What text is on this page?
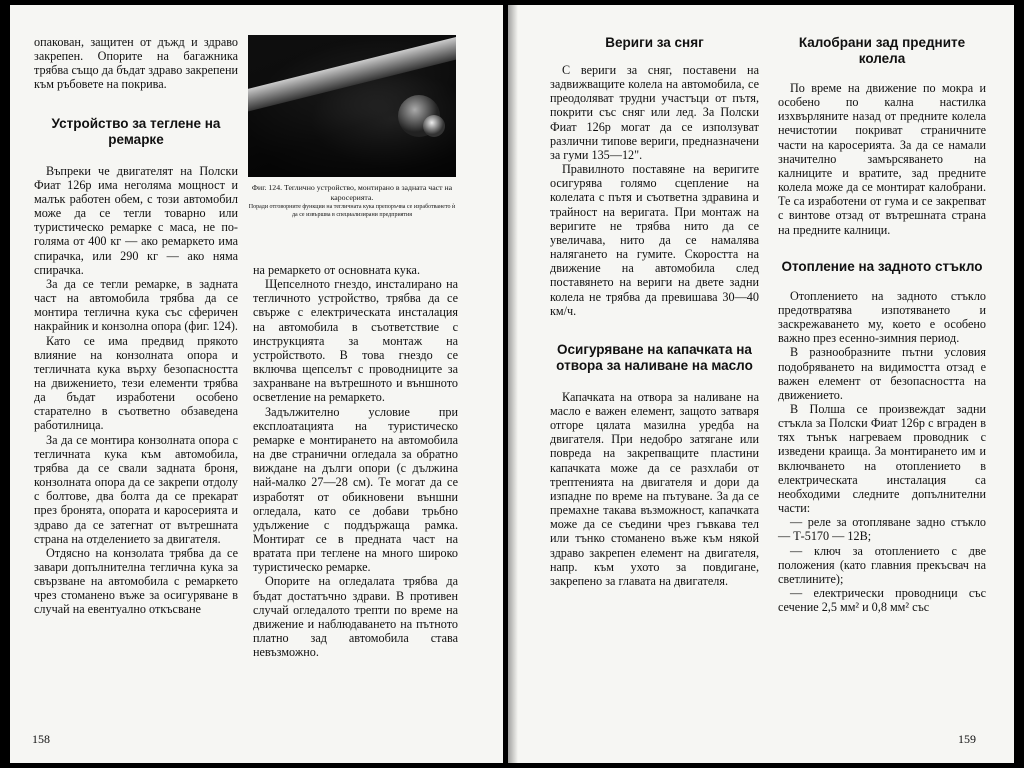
опакован, защитен от дъжд и здраво закрепен. Опорите на багажника трябва също да бъдат здраво закрепени към ръбовете на покрива.

Устройство за теглене на ремарке

Въпреки че двигателят на Полски Фиат 126р има неголяма мощност и малък работен обем, с този автомобил може да се тегли товарно или туристическо ремарке с маса, не по-голяма от 400 кг — ако ремаркето има спирачка, или 290 кг — ако няма спирачка.

За да се тегли ремарке, в задната част на автомобила трябва да се монтира теглична кука със сферичен накрайник и конзолна опора (фиг. 124).

Като се има предвид прякото влияние на конзолната опора и тегличната кука върху безопасността на движението, тези елементи трябва да бъдат изработени особено старателно в съответно обзаведена работилница.

За да се монтира конзолната опора с тегличната кука към автомобила, трябва да се свали задната броня, конзолната опора да се закрепи отдолу с болтове, два болта да се прекарат през бронята, опората и каросерията и здраво да се затегнат от вътрешната страна на отделението за двигателя.

Отдясно на конзолата трябва да се завари допълнителна теглична кука за свързване на автомобила с ремаркето чрез стоманено въже за осигуряване в случай на евентуално откъсване

Фиг. 124. Теглично устройство, монтирано в задната част на каросерията.
Поради отговорните функции на тегличната кука препоръчва се изработването ѝ да се извършва в специализирани предприятия

на ремаркето от основната кука.

Щепселното гнездо, инсталирано на тегличното устройство, трябва да се свърже с електрическата инсталация на автомобила в съответствие с инструкцията за монтаж на устройството. В това гнездо се включва щепселът с проводниците за захранване на вътрешното и външното осветление на ремаркето.

Задължително условие при експлоатацията на туристическо ремарке е монтирането на автомобила на две странични огледала за обратно виждане на дълги опори (с дължина най-малко 27—28 см). Те могат да се изработят от обикновени външни огледала, като се добави трьбно удължение с поддържаща рамка. Монтират се в предната част на вратата при теглене на много широко туристическо ремарке.

Опорите на огледалата трябва да бъдат достатъчно здрави. В противен случай огледалото трепти по време на движение и наблюдаването на пътното платно зад автомобила става невъзможно.

158
Вериги за сняг

С вериги за сняг, поставени на задвижващите колела на автомобила, се преодоляват трудни участъци от пътя, покрити със сняг или лед. За Полски Фиат 126р могат да се използуват различни типове вериги, предназначени за гуми 135—12".

Правилното поставяне на веригите осигурява голямо сцепление на колелата с пътя и съответна здравина и трайност на веригата. При монтаж на веригите не трябва нито да се увеличава, нито да се намалява налягането на гумите. Скоростта на движение на автомобила след поставянето на вериги на двете задни колела не трябва да превишава 30—40 км/ч.

Осигуряване на капачката на отвора за наливане на масло

Капачката на отвора за наливане на масло е важен елемент, защото затваря отгоре цялата мазилна уредба на двигателя. При недобро затягане или повреда на закрепващите пластини капачката може да се разхлаби от трептенията на двигателя и дори да изпадне по време на пътуване. За да се премахне такава възможност, капачката може да се съедини чрез гъвкава тел или тънко стоманено въже към някой здраво закрепен елемент на двигателя, напр. към ухото за повдигане, закрепено за главата на двигателя.

Калобрани зад предните колела

По време на движение по мокра и особено по кална настилка изхвърляните назад от предните колела нечистотии покриват страничните части на каросерията. За да се намали значително замърсяването на калниците и вратите, зад предните колела може да се монтират калобрани. Те са изработени от гума и се закрепват с винтове отзад от вътрешната страна на предните калници.

Отопление на задното стъкло

Отоплението на задното стъкло предотвратява изпотяването и заскрежаването му, което е особено важно през есенно-зимния период.

В разнообразните пътни условия подобряването на видимостта отзад е важен елемент от безопасността на движението.

В Полша се произвеждат задни стъкла за Полски Фиат 126р с вграден в тях тънък нагреваем проводник с изведени краища. За монтирането им и включването на отоплението в електрическата инсталация са необходими следните допълнителни части:

— реле за отопляване задно стъкло — Т-5170 — 12В;

— ключ за отоплението с две положения (като главния прекъсвач на светлините);

— електрически проводници със сечение 2,5 мм² и 0,8 мм² със

159
